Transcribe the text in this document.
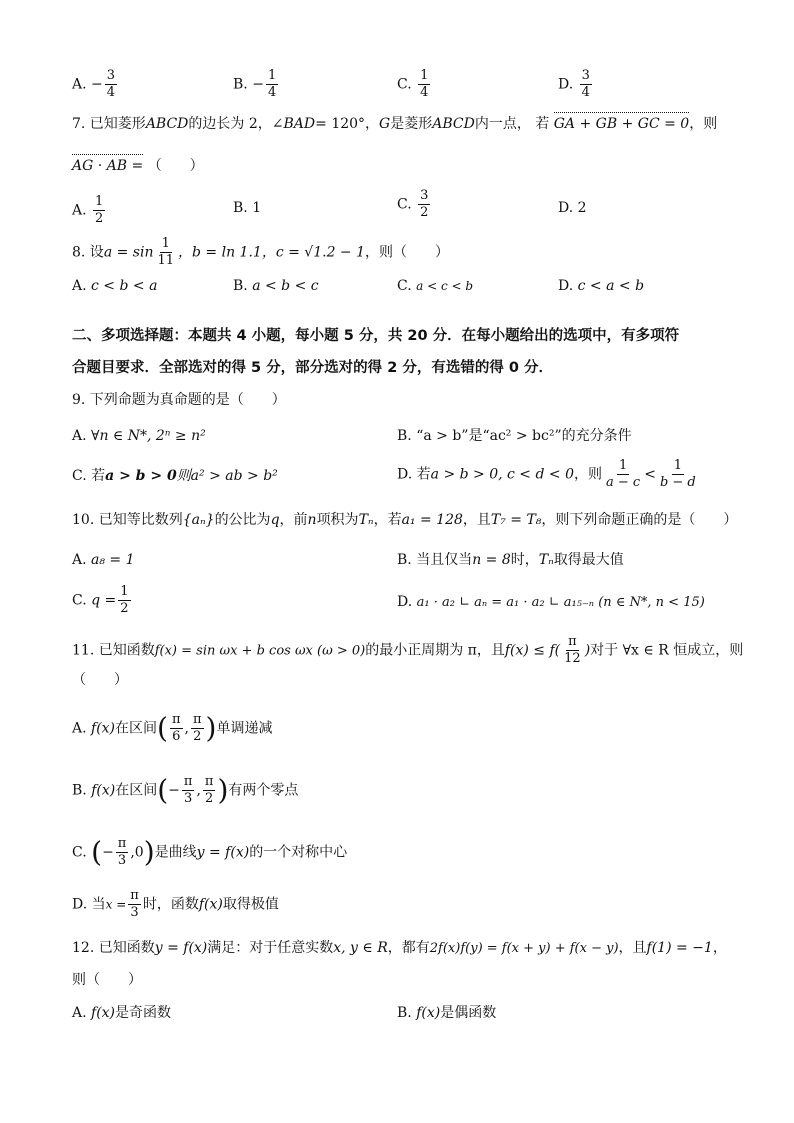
A. − $\frac{3}{4}$	B. − $\frac{1}{4}$	C. $\frac{1}{4}$	D. $\frac{3}{4}$
7. 已知菱形ABCD的边长为 2，∠BAD= 120°，G是菱形ABCD内一点， 若 GA + GB + GC = 0，则
AG · AB = （　　）
A. $\frac{1}{2}$	B. 1	C. $\frac{3}{2}$	D. 2
8. 设$a = \sin \frac{1}{11}$ ，b = ln 1.1，c = √1.2 − 1，则（　　）
A. c < b < a	B. a < b < c	C. a < c < b	D. c < a < b
二、多项选择题：本题共 4 小题，每小题 5 分，共 20 分．在每小题给出的选项中，有多项符
合题目要求．全部选对的得 5 分，部分选对的得 2 分，有选错的得 0 分．
9. 下列命题为真命题的是（　　）
A. ∀n ∈ N*, 2ⁿ ≥ n²	B. “a > b”是“ac² > bc²”的充分条件
C. 若a > b > 0则a² > ab > b²	D. 若a > b > 0, c < d < 0，则 $\frac{1}{a - c} < \frac{1}{b - d}$
10. 已知等比数列{aₙ}的公比为q，前n项积为Tₙ，若a₁ = 128，且T₇ = T₈，则下列命题正确的是（　　）
A. a₈ = 1	B. 当且仅当n = 8时，Tₙ取得最大值
C. $q = \frac{1}{2}$	D. a₁ · a₂ ∟ aₙ = a₁ · a₂ ∟ a₁₅₋ₙ (n ∈ N*, n < 15)
11. 已知函数f(x) = sin ωx + b cos ωx (ω > 0)的最小正周期为 π，且$f(x) \le f( \frac{\pi}{12}$ )对于 ∀x ∈ R 恒成立，则
（　　）
A. f(x)在区间( $\frac{\pi}{6}$ , $\frac{\pi}{2}$ )单调递减
B. f(x)在区间(− $\frac{\pi}{3}$ , $\frac{\pi}{2}$ )有两个零点
C. (− $\frac{\pi}{3} ,0$)是曲线y = f(x)的一个对称中心
D. 当$x = \frac{\pi}{3}$ 时，函数f(x)取得极值
12. 已知函数y = f(x)满足：对于任意实数x, y ∈ R，都有2f(x)f(y) = f(x + y) + f(x − y)，且f(1) = −1，
则（　　）
A. f(x)是奇函数	B. f(x)是偶函数
